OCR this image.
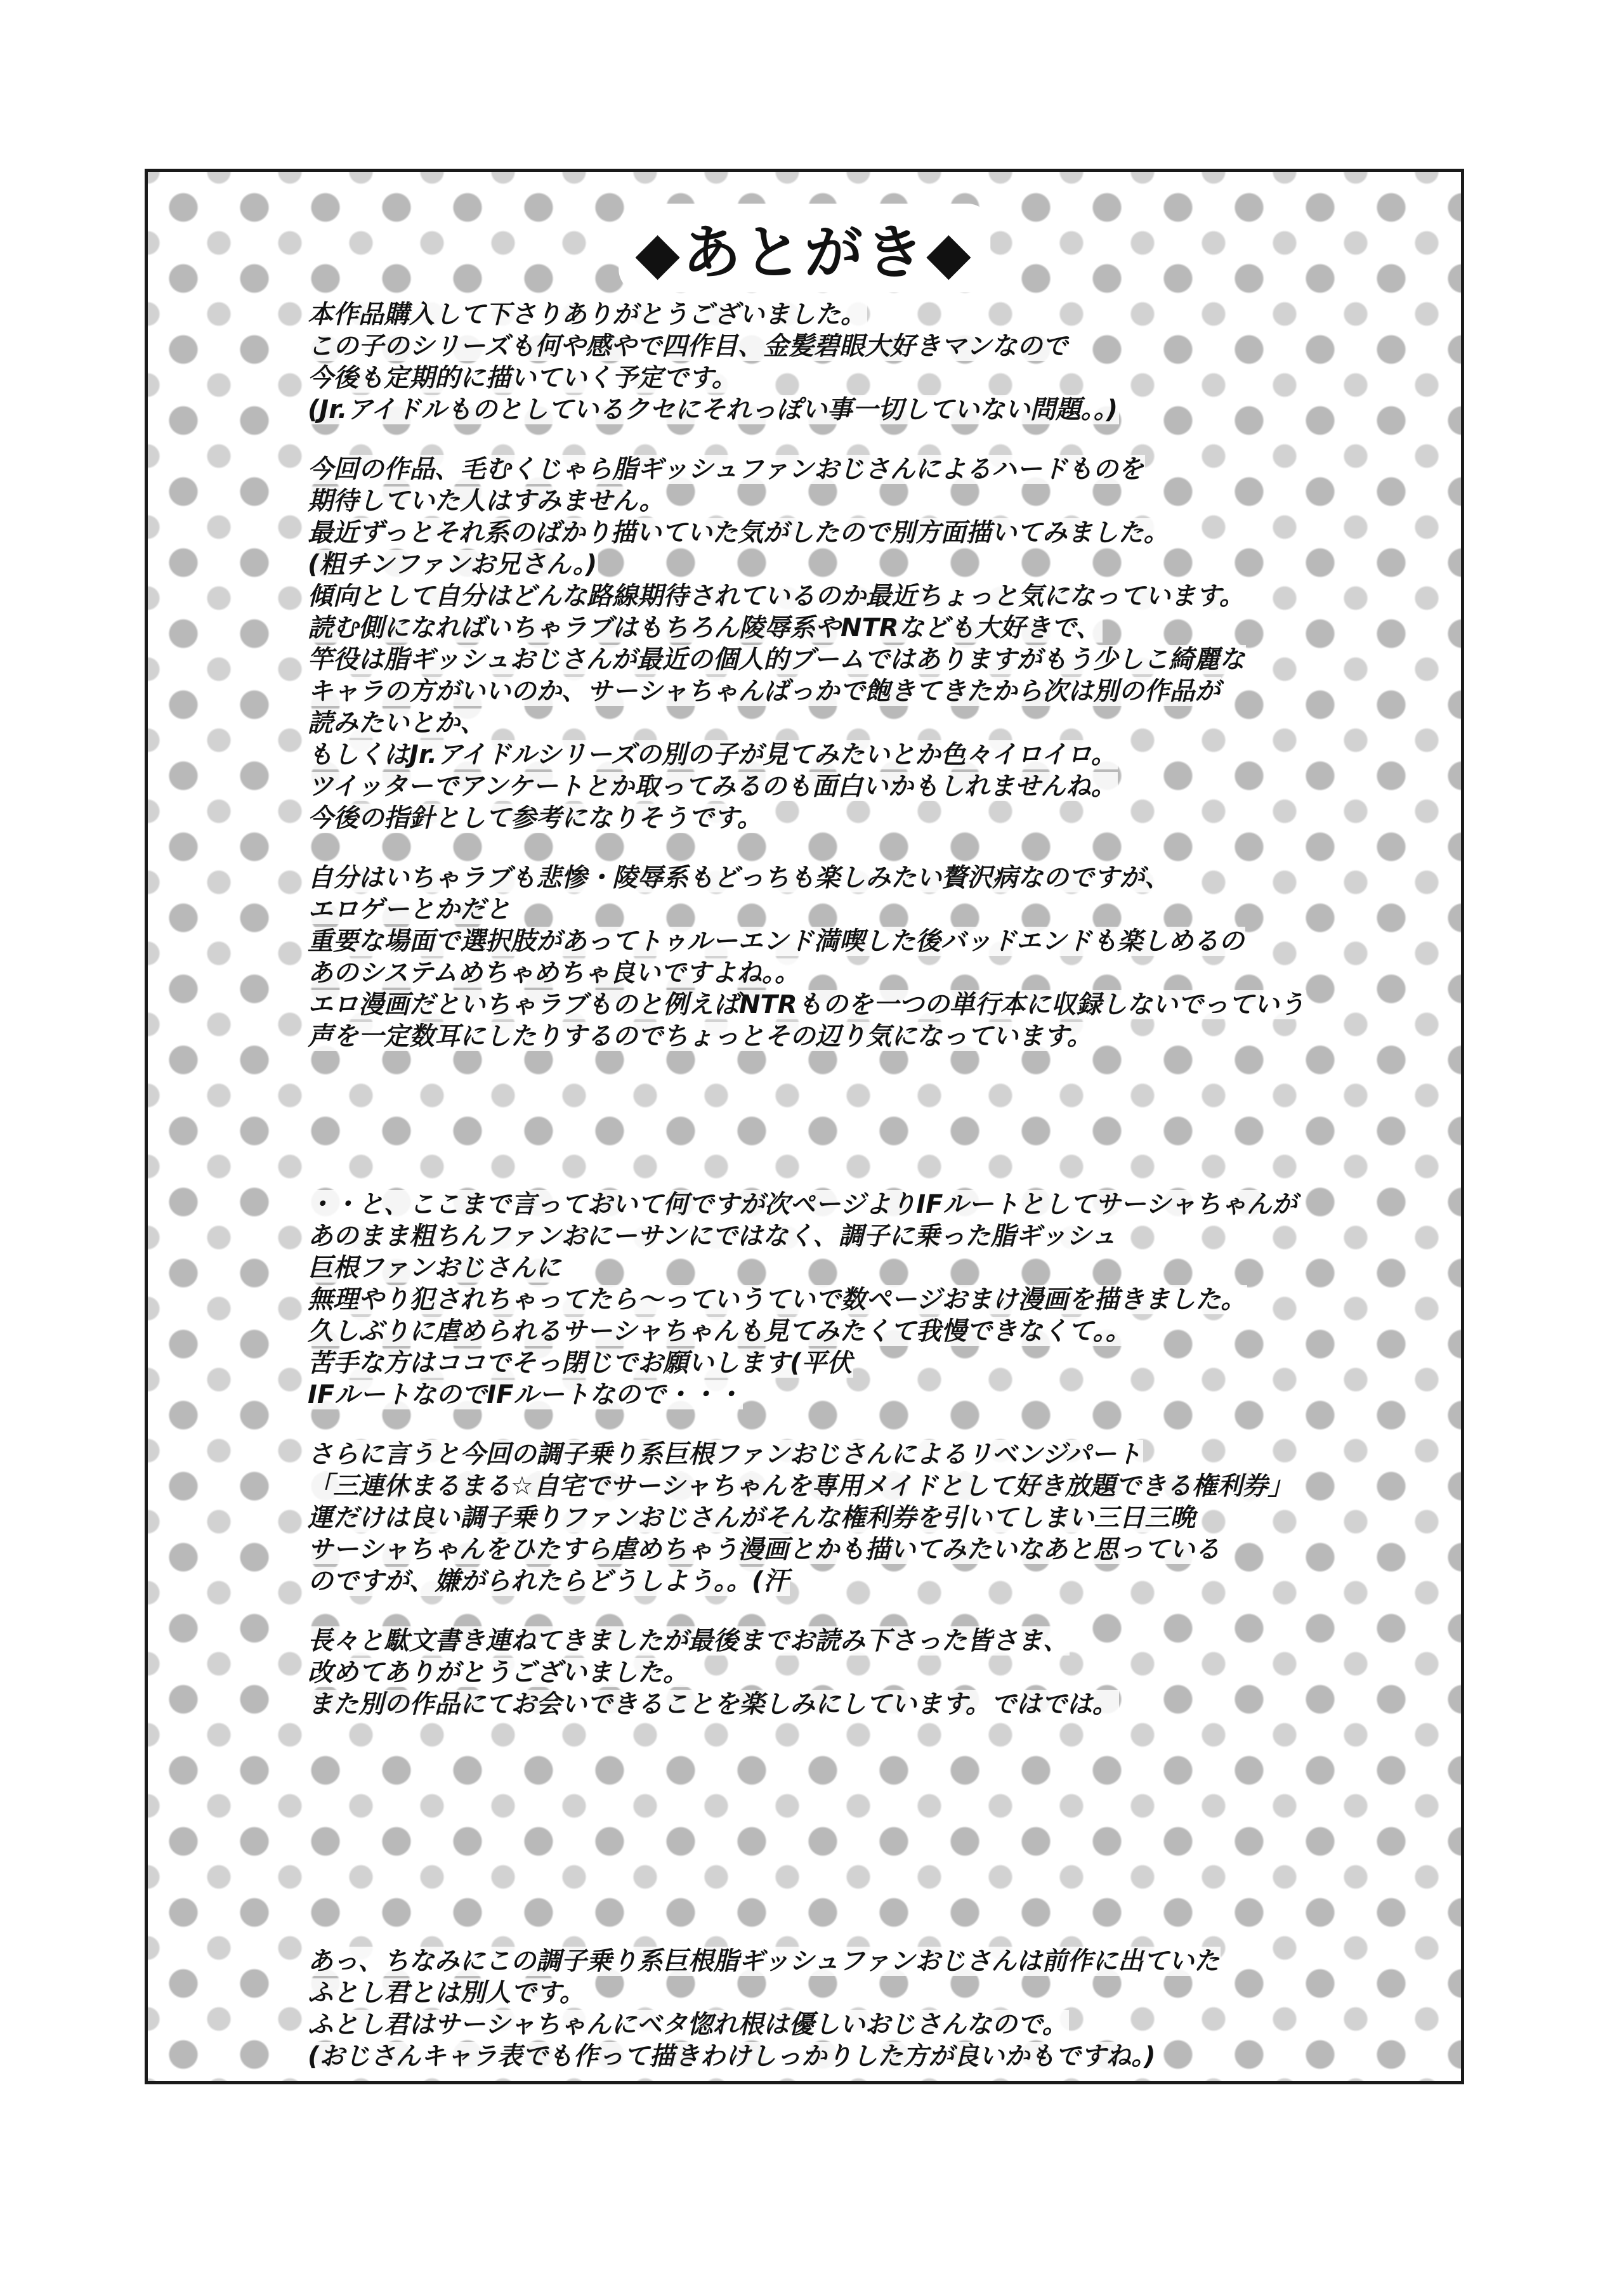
◆あとがき◆
本作品購入して下さりありがとうございました。
この子のシリーズも何や感やで四作目、金髪碧眼大好きマンなので
今後も定期的に描いていく予定です。
(Jr.アイドルものとしているクセにそれっぽい事一切していない問題。。)
今回の作品、毛むくじゃら脂ギッシュファンおじさんによるハードものを
期待していた人はすみません。
最近ずっとそれ系のばかり描いていた気がしたので別方面描いてみました。
(粗チンファンお兄さん。)
傾向として自分はどんな路線期待されているのか最近ちょっと気になっています。
読む側になればいちゃラブはもちろん陵辱系やNTRなども大好きで、
竿役は脂ギッシュおじさんが最近の個人的ブームではありますがもう少しこ綺麗な
キャラの方がいいのか、サーシャちゃんばっかで飽きてきたから次は別の作品が
読みたいとか、
もしくはJr.アイドルシリーズの別の子が見てみたいとか色々イロイロ。
ツイッターでアンケートとか取ってみるのも面白いかもしれませんね。
今後の指針として参考になりそうです。
自分はいちゃラブも悲惨・陵辱系もどっちも楽しみたい贅沢病なのですが、
エロゲーとかだと
重要な場面で選択肢があってトゥルーエンド満喫した後バッドエンドも楽しめるの
あのシステムめちゃめちゃ良いですよね。。
エロ漫画だといちゃラブものと例えばNTRものを一つの単行本に収録しないでっていう
声を一定数耳にしたりするのでちょっとその辺り気になっています。
・・と、ここまで言っておいて何ですが次ページよりIFルートとしてサーシャちゃんが
あのまま粗ちんファンおにーサンにではなく、調子に乗った脂ギッシュ
巨根ファンおじさんに
無理やり犯されちゃってたら〜っていうていで数ページおまけ漫画を描きました。
久しぶりに虐められるサーシャちゃんも見てみたくて我慢できなくて。。
苦手な方はココでそっ閉じでお願いします(平伏
IFルートなのでIFルートなので・・・
さらに言うと今回の調子乗り系巨根ファンおじさんによるリベンジパート
「三連休まるまる☆自宅でサーシャちゃんを専用メイドとして好き放題できる権利券」
運だけは良い調子乗りファンおじさんがそんな権利券を引いてしまい三日三晩
サーシャちゃんをひたすら虐めちゃう漫画とかも描いてみたいなあと思っている
のですが、嫌がられたらどうしよう。。(汗
長々と駄文書き連ねてきましたが最後までお読み下さった皆さま、
改めてありがとうございました。
また別の作品にてお会いできることを楽しみにしています。ではでは。
あっ、ちなみにこの調子乗り系巨根脂ギッシュファンおじさんは前作に出ていた
ふとし君とは別人です。
ふとし君はサーシャちゃんにベタ惚れ根は優しいおじさんなので。
(おじさんキャラ表でも作って描きわけしっかりした方が良いかもですね。)
